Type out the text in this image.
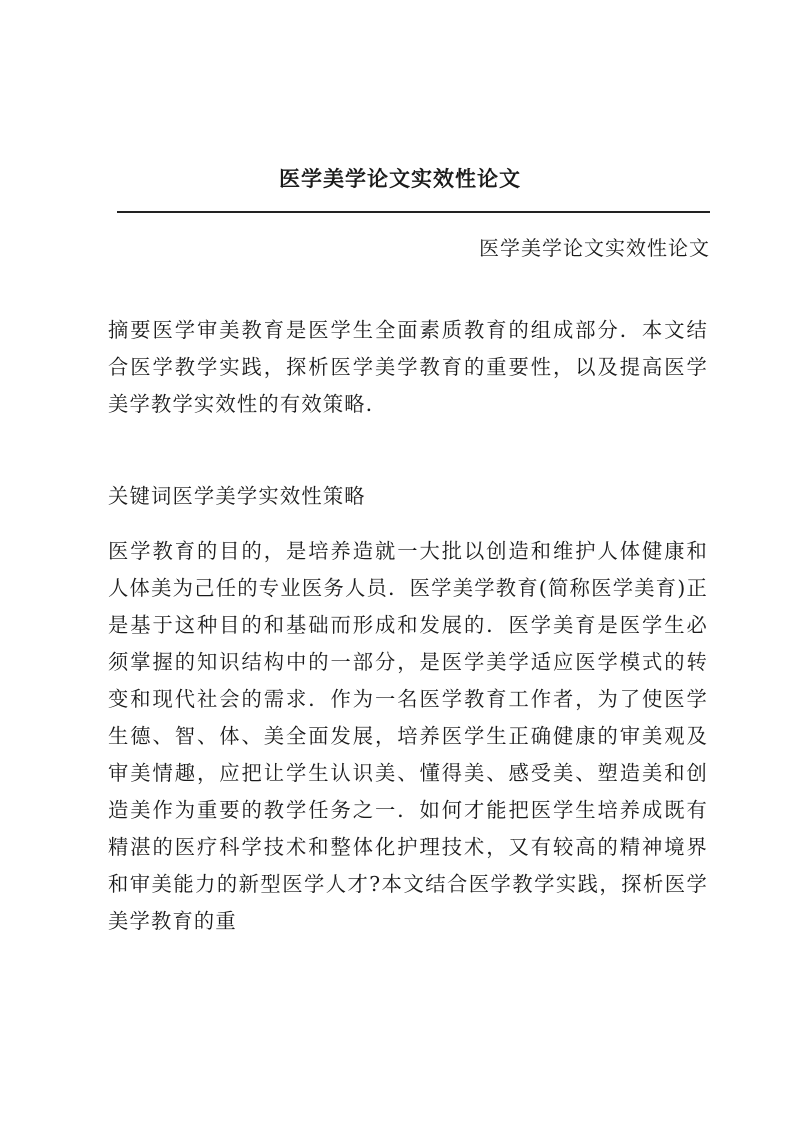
医学美学论文实效性论文
医学美学论文实效性论文

摘要医学审美教育是医学生全面素质教育的组成部分．本文结合医学教学实践，探析医学美学教育的重要性，以及提高医学美学教学实效性的有效策略．

关键词医学美学实效性策略

医学教育的目的，是培养造就一大批以创造和维护人体健康和人体美为己任的专业医务人员．医学美学教育(简称医学美育)正是基于这种目的和基础而形成和发展的．医学美育是医学生必须掌握的知识结构中的一部分，是医学美学适应医学模式的转变和现代社会的需求．作为一名医学教育工作者，为了使医学生德、智、体、美全面发展，培养医学生正确健康的审美观及审美情趣，应把让学生认识美、懂得美、感受美、塑造美和创造美作为重要的教学任务之一．如何才能把医学生培养成既有精湛的医疗科学技术和整体化护理技术，又有较高的精神境界和审美能力的新型医学人才?本文结合医学教学实践，探析医学美学教育的重
